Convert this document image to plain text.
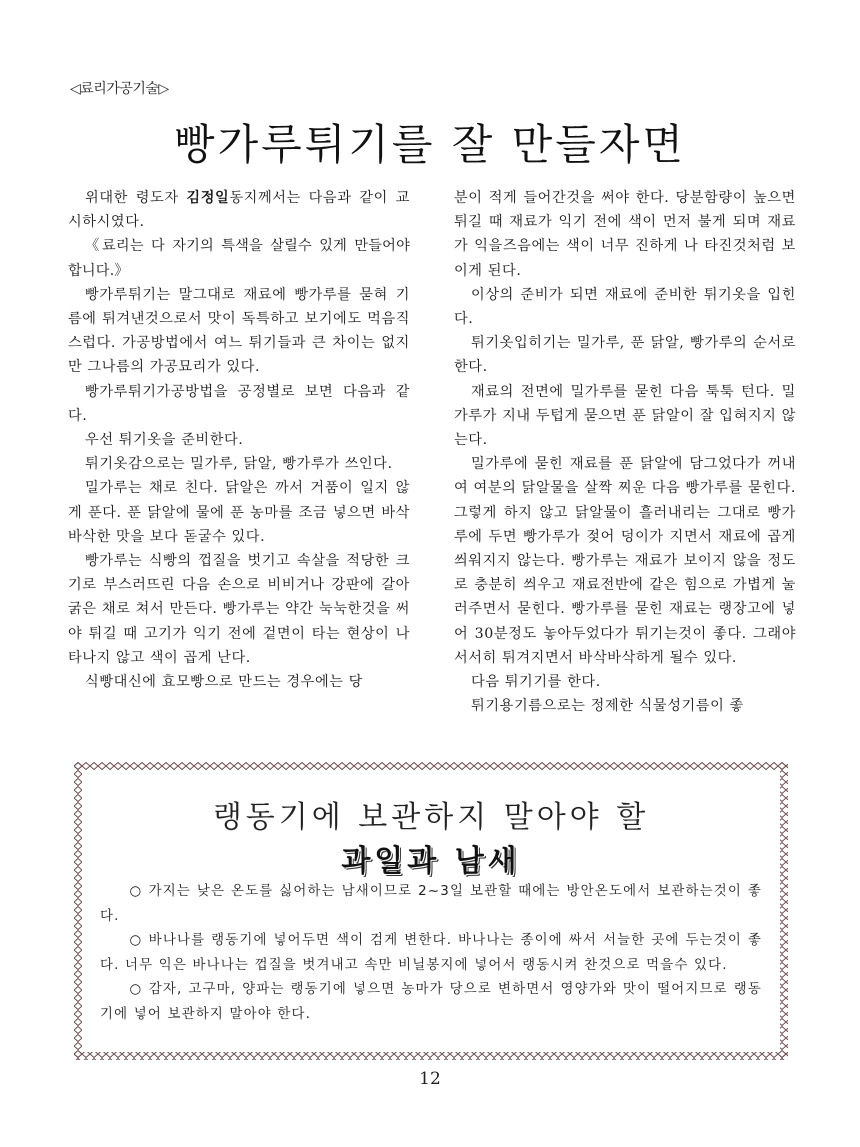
◁료리가공기술▷
빵가루튀기를 잘 만들자면

위대한 령도자 김정일동지께서는 다음과 같이 교시하시였다.

《료리는 다 자기의 특색을 살릴수 있게 만들어야 합니다.》

빵가루튀기는 말그대로 재료에 빵가루를 묻혀 기름에 튀겨낸것으로서 맛이 독특하고 보기에도 먹음직스럽다. 가공방법에서 여느 튀기들과 큰 차이는 없지만 그나름의 가공묘리가 있다.

빵가루튀기가공방법을 공정별로 보면 다음과 같다.

우선 튀기옷을 준비한다.

튀기옷감으로는 밀가루, 닭알, 빵가루가 쓰인다.

밀가루는 채로 친다. 닭알은 까서 거품이 일지 않게 푼다. 푼 닭알에 물에 푼 농마를 조금 넣으면 바삭바삭한 맛을 보다 돋굴수 있다.

빵가루는 식빵의 껍질을 벗기고 속살을 적당한 크기로 부스러뜨린 다음 손으로 비비거나 강판에 갈아 굵은 채로 쳐서 만든다. 빵가루는 약간 눅눅한것을 써야 튀길 때 고기가 익기 전에 겉면이 타는 현상이 나타나지 않고 색이 곱게 난다.

식빵대신에 효모빵으로 만드는 경우에는 당

분이 적게 들어간것을 써야 한다. 당분함량이 높으면 튀길 때 재료가 익기 전에 색이 먼저 불게 되며 재료가 익을즈음에는 색이 너무 진하게 나 타진것처럼 보이게 된다.

이상의 준비가 되면 재료에 준비한 튀기옷을 입힌다.

튀기옷입히기는 밀가루, 푼 닭알, 빵가루의 순서로 한다.

재료의 전면에 밀가루를 묻힌 다음 툭툭 턴다. 밀가루가 지내 두텁게 묻으면 푼 닭알이 잘 입혀지지 않는다.

밀가루에 묻힌 재료를 푼 닭알에 담그었다가 꺼내여 여분의 닭알물을 살짝 찌운 다음 빵가루를 묻힌다. 그렇게 하지 않고 닭알물이 흘러내리는 그대로 빵가루에 두면 빵가루가 젖어 덩이가 지면서 재료에 곱게 씌워지지 않는다. 빵가루는 재료가 보이지 않을 정도로 충분히 씌우고 재료전반에 같은 힘으로 가볍게 눌러주면서 묻힌다. 빵가루를 묻힌 재료는 랭장고에 넣어 30분정도 놓아두었다가 튀기는것이 좋다. 그래야 서서히 튀겨지면서 바삭바삭하게 될수 있다.

다음 튀기기를 한다.

튀기용기름으로는 정제한 식물성기름이 좋

랭동기에 보관하지 말아야 할
과일과 남새

○ 가지는 낮은 온도를 싫어하는 남새이므로 2~3일 보관할 때에는 방안온도에서 보관하는것이 좋다.

○ 바나나를 랭동기에 넣어두면 색이 검게 변한다. 바나나는 종이에 싸서 서늘한 곳에 두는것이 좋다. 너무 익은 바나나는 껍질을 벗겨내고 속만 비닐봉지에 넣어서 랭동시켜 찬것으로 먹을수 있다.

○ 감자, 고구마, 양파는 랭동기에 넣으면 농마가 당으로 변하면서 영양가와 맛이 떨어지므로 랭동기에 넣어 보관하지 말아야 한다.

12
